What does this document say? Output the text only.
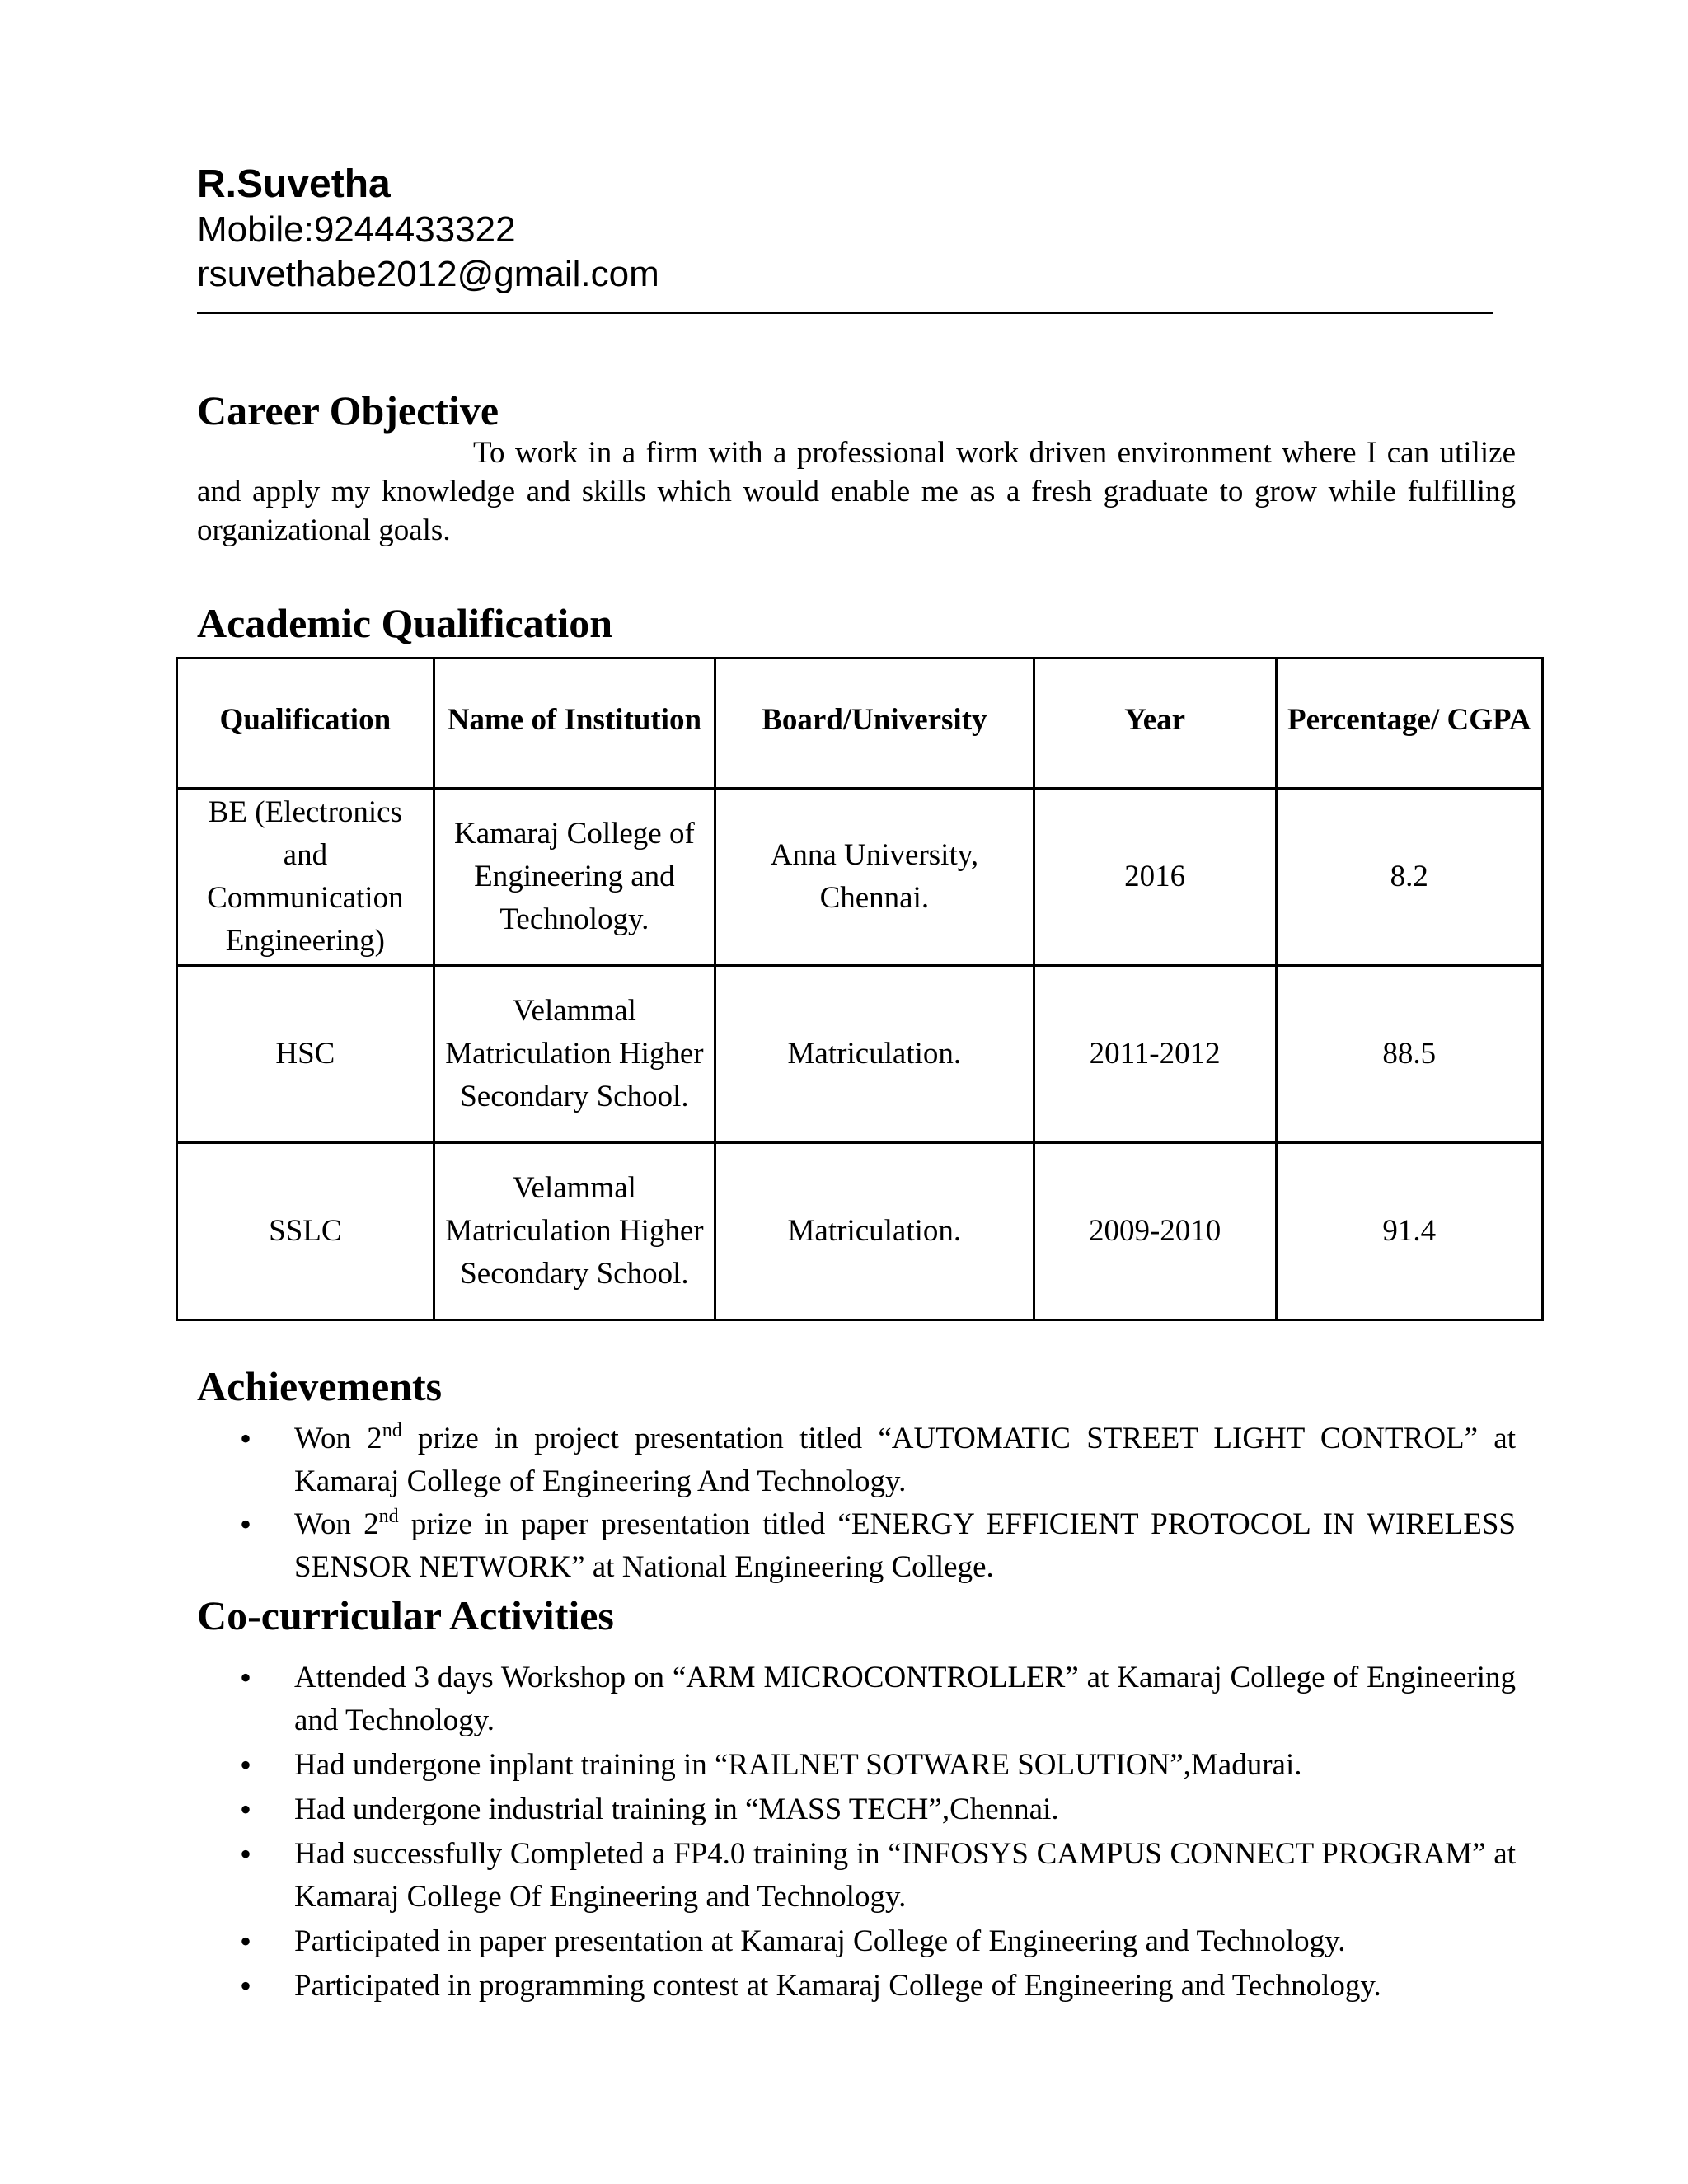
R.Suvetha
Mobile:9244433322
rsuvethabe2012@gmail.com
Career Objective

To work in a firm with a professional work driven environment where I can utilize and apply my knowledge and skills which would enable me as a fresh graduate to grow while fulfilling organizational goals.

Academic Qualification
Qualification	Name of Institution	Board/University	Year	Percentage/ CGPA
BE (Electronics and Communication Engineering)	Kamaraj College of Engineering and Technology.	Anna University, Chennai.	2016	8.2
HSC	Velammal Matriculation Higher Secondary School.	Matriculation.	2011-2012	88.5
SSLC	Velammal Matriculation Higher Secondary School.	Matriculation.	2009-2010	91.4
Achievements
• Won 2nd prize in project presentation titled “AUTOMATIC STREET LIGHT CONTROL” at Kamaraj College of Engineering And Technology.
• Won 2nd prize in paper presentation titled “ENERGY EFFICIENT PROTOCOL IN WIRELESS SENSOR NETWORK” at National Engineering College.
Co-curricular Activities
• Attended 3 days Workshop on “ARM MICROCONTROLLER” at Kamaraj College of Engineering and Technology.
• Had undergone inplant training in “RAILNET SOTWARE SOLUTION”,Madurai.
• Had undergone industrial training in “MASS TECH”,Chennai.
• Had successfully Completed a FP4.0 training in “INFOSYS CAMPUS CONNECT PROGRAM” at Kamaraj College Of Engineering and Technology.
• Participated in paper presentation at Kamaraj College of Engineering and Technology.
• Participated in programming contest at Kamaraj College of Engineering and Technology.
